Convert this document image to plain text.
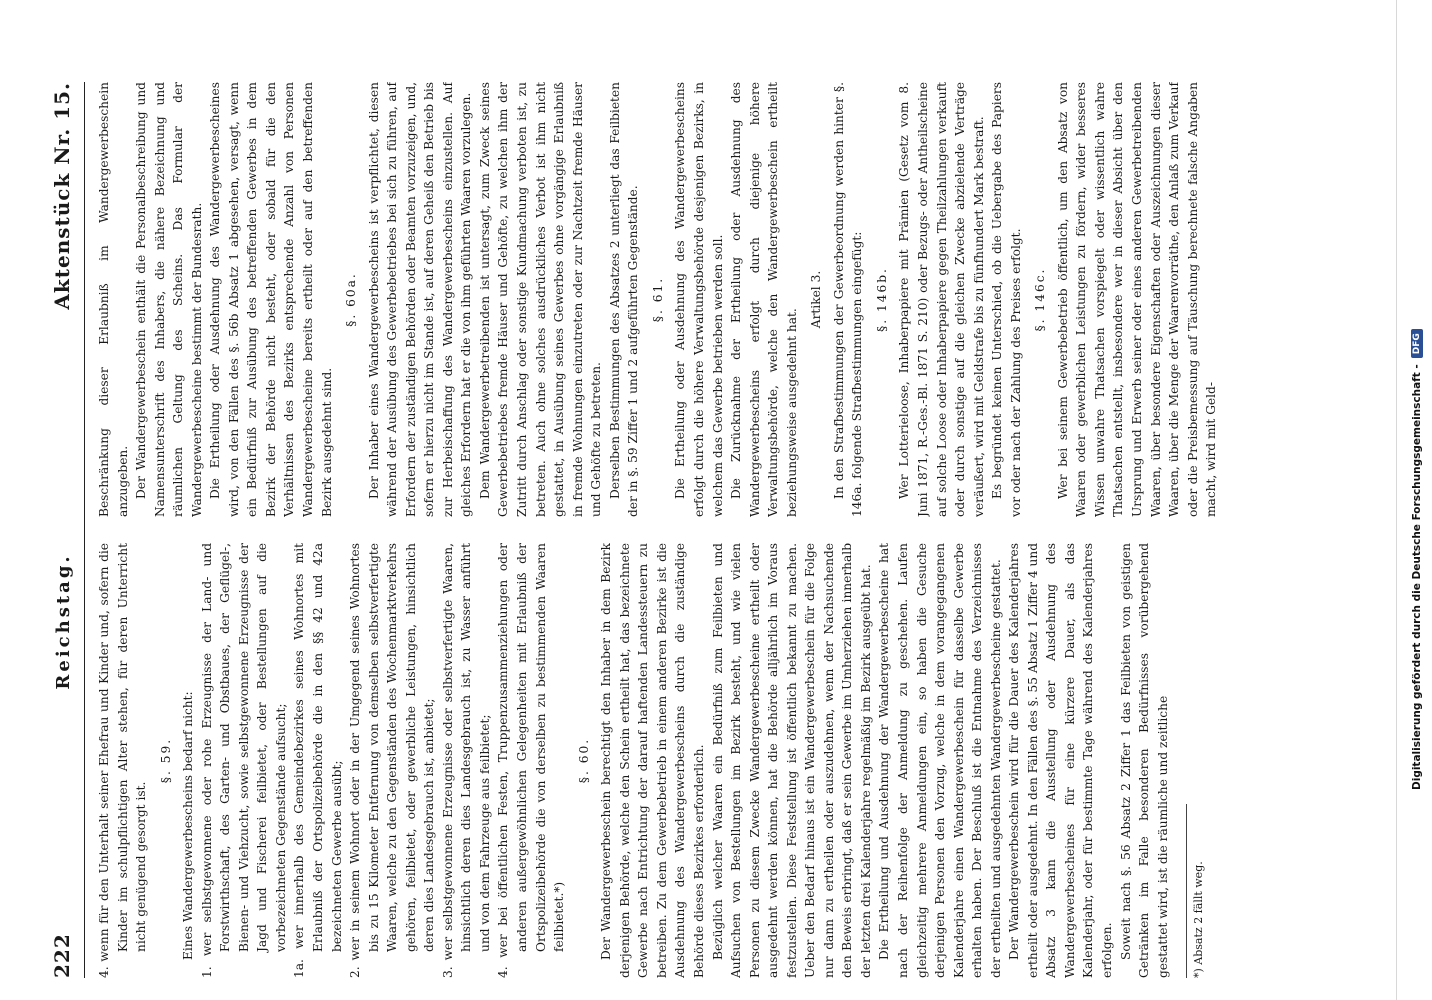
222
Reichstag.
Aktenstück Nr. 15.

4. wenn für den Unterhalt seiner Ehefrau und Kinder und, sofern die Kinder im schulpflichtigen Alter stehen, für deren Unterricht nicht genügend gesorgt ist.

§. 59. Eines Wandergewerbescheins bedarf nicht: 1. wer selbstgewonnene oder rohe Erzeugnisse der Land- und Forstwirthschaft, des Garten- und Obstbaues, der Geflügel-, Bienen- und Viehzucht, sowie selbstgewonnene Erzeugnisse der Jagd und Fischerei feilbietet, oder Bestellungen auf die vorbezeichneten Gegenstände aufsucht; 1a. wer innerhalb des Gemeindebezirkes seines Wohnortes mit Erlaubniß der Ortspolizeibehörde die in den §§ 42 und 42a bezeichneten Gewerbe ausübt; 2. wer in seinem Wohnort oder in der Umgegend seines Wohnortes bis zu 15 Kilometer Entfernung von demselben selbstverfertigte Waaren, welche zu den Gegenständen des Wochenmarktverkehrs gehören, feilbietet, oder gewerbliche Leistungen, hinsichtlich deren dies Landesgebrauch ist, anbietet; 3. wer selbstgewonnene Erzeugnisse oder selbstverfertigte Waaren, hinsichtlich deren dies Landesgebrauch ist, zu Wasser anführt und von dem Fahrzeuge aus feilbietet; 4. wer bei öffentlichen Festen, Truppenzusammenziehungen oder anderen außergewöhnlichen Gelegenheiten mit Erlaubniß der Ortspolizeibehörde die von derselben zu bestimmenden Waaren feilbietet.*)

§. 60. Der Wandergewerbeschein berechtigt den Inhaber in dem Bezirk derjenigen Behörde, welche den Schein ertheilt hat, das bezeichnete Gewerbe nach Entrichtung der darauf haftenden Landessteuern zu betreiben. Zu dem Gewerbebetrieb in einem anderen Bezirke ist die Ausdehnung des Wandergewerbescheins durch die zuständige Behörde dieses Bezirkes erforderlich. Bezüglich welcher Waaren ein Bedürfniß zum Feilbieten und Aufsuchen von Bestellungen im Bezirk besteht, und wie vielen Personen zu diesem Zwecke Wandergewerbescheine ertheilt oder ausgedehnt werden können, hat die Behörde alljährlich im Voraus festzustellen. Diese Feststellung ist öffentlich bekannt zu machen. Ueber den Bedarf hinaus ist ein Wandergewerbeschein für die Folge nur dann zu ertheilen oder auszudehnen, wenn der Nachsuchende den Beweis erbringt, daß er sein Gewerbe im Umherziehen innerhalb der letzten drei Kalenderjahre regelmäßig im Bezirk ausgeübt hat. Die Ertheilung und Ausdehnung der Wandergewerbescheine hat nach der Reihenfolge der Anmeldung zu geschehen. Laufen gleichzeitig mehrere Anmeldungen ein, so haben die Gesuche derjenigen Personen den Vorzug, welche in dem vorangegangenen Kalenderjahre einen Wandergewerbeschein für dasselbe Gewerbe erhalten haben. Der Beschluß ist die Entnahme des Verzeichnisses der ertheilten und ausgedehnten Wandergewerbescheine gestattet. Der Wandergewerbeschein wird für die Dauer des Kalenderjahres ertheilt oder ausgedehnt. In den Fällen des §. 55 Absatz 1 Ziffer 4 und Absatz 3 kann die Ausstellung oder Ausdehnung des Wandergewerbescheines für eine kürzere Dauer, als das Kalenderjahr, oder für bestimmte Tage während des Kalenderjahres erfolgen. Soweit nach §. 56 Absatz 2 Ziffer 1 das Feilbieten von geistigen Getränken im Falle besonderen Bedürfnisses vorübergehend gestattet wird, ist die räumliche und zeitliche	*) Absatz 2 fällt weg.

Beschränkung dieser Erlaubniß im Wandergewerbeschein anzugeben. Der Wandergewerbeschein enthält die Personalbeschreibung und Namensunterschrift des Inhabers, die nähere Bezeichnung und räumlichen Geltung des Scheins. Das Formular der Wandergewerbescheine bestimmt der Bundesrath. Die Ertheilung oder Ausdehnung des Wandergewerbescheines wird, von den Fällen des §. 56b Absatz 1 abgesehen, versagt, wenn ein Bedürfniß zur Ausübung des betreffenden Gewerbes in dem Bezirk der Behörde nicht besteht, oder sobald für die den Verhältnissen des Bezirks entsprechende Anzahl von Personen Wandergewerbescheine bereits ertheilt oder auf den betreffenden Bezirk ausgedehnt sind.

§. 60a. Der Inhaber eines Wandergewerbescheins ist verpflichtet, diesen während der Ausübung des Gewerbebetriebes bei sich zu führen, auf Erfordern der zuständigen Behörden oder Beamten vorzuzeigen, und, sofern er hierzu nicht im Stande ist, auf deren Geheiß den Betrieb bis zur Herbeischaffung des Wandergewerbescheins einzustellen. Auf gleiches Erfordern hat er die von ihm geführten Waaren vorzulegen. Dem Wandergewerbetreibenden ist untersagt, zum Zweck seines Gewerbebetriebes fremde Häuser und Gehöfte, zu welchen ihm der Zutritt durch Anschlag oder sonstige Kundmachung verboten ist, zu betreten. Auch ohne solches ausdrückliches Verbot ist ihm nicht gestattet, in Ausübung seines Gewerbes ohne vorgängige Erlaubniß in fremde Wohnungen einzutreten oder zur Nachtzeit fremde Häuser und Gehöfte zu betreten. Derselben Bestimmungen des Absatzes 2 unterliegt das Feilbieten der in §. 59 Ziffer 1 und 2 aufgeführten Gegenstände. §. 61. Die Ertheilung oder Ausdehnung des Wandergewerbescheins erfolgt durch die höhere Verwaltungsbehörde desjenigen Bezirks, in welchem das Gewerbe betrieben werden soll. Die Zurücknahme der Ertheilung oder Ausdehnung des Wandergewerbescheins erfolgt durch diejenige höhere Verwaltungsbehörde, welche den Wandergewerbeschein ertheilt beziehungsweise ausgedehnt hat.

Artikel 3. In den Strafbestimmungen der Gewerbeordnung werden hinter §. 146a. folgende Strafbestimmungen eingefügt: §. 146b. Wer Lotterieloose, Inhaberpapiere mit Prämien (Gesetz vom 8. Juni 1871, R.-Ges.-Bl. 1871 S. 210) oder Bezugs- oder Antheilscheine auf solche Loose oder Inhaberpapiere gegen Theilzahlungen verkauft oder durch sonstige auf die gleichen Zwecke abzielende Verträge veräußert, wird mit Geldstrafe bis zu fünfhundert Mark bestraft. Es begründet keinen Unterschied, ob die Uebergabe des Papiers vor oder nach der Zahlung des Preises erfolgt. §. 146c. Wer bei seinem Gewerbebetrieb öffentlich, um den Absatz von Waaren oder gewerblichen Leistungen zu fördern, wider besseres Wissen unwahre Thatsachen vorspiegelt oder wissentlich wahre Thatsachen entstellt, insbesondere wer in dieser Absicht über den Ursprung und Erwerb seiner oder eines anderen Gewerbetreibenden Waaren, über besondere Eigenschaften oder Auszeichnungen dieser Waaren, über die Menge der Waarenvorräthe, den Anlaß zum Verkauf oder die Preisbemessung auf Täuschung berechnete falsche Angaben macht, wird mit Geld-	Digitalisierung gefördert durch die Deutsche Forschungsgemeinschaft -
DFG
